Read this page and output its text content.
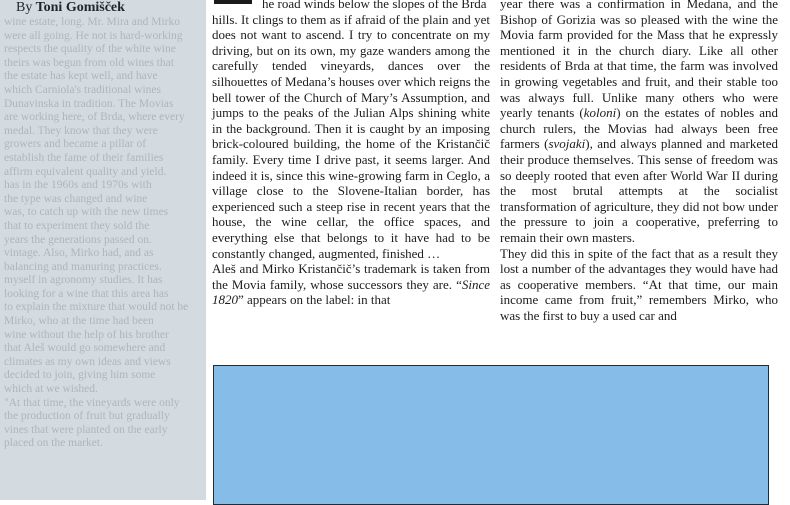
wine estate, long. Mr. Mira and Mirko
were all going. He not is hard-working
respects the quality of the white wine
theirs was begun from old wines that
the estate has kept well, and have
which Carniola's traditional wines
Dunavinska in tradition. The Movias
are working here, of Brda, where every
medal. They know that they were
growers and became a pillar of
establish the fame of their families
affirm equivalent quality and yield.
has in the 1960s and 1970s with
the type was changed and wine
was, to catch up with the new times
that to experiment they sold the
years the generations passed on.
vintage. Also, Mirko had, and as
balancing and manuring practices.
myself in agronomy studies. It has
looking for a wine that this area has
to explain the mixture that would not be
Mirko, who at the time had been
wine without the help of his brother
that Aleš would go somewhere and
climates as my own ideas and views
decided to join, giving him some
which at we wished.
"At that time, the vineyards were only
the production of fruit but gradually
vines that were planted on the early
placed on the market.

By Toni Gomišček	he road winds below the slopes of the Brda

hills. It clings to them as if afraid of the plain and yet does not want to ascend. I try to concentrate on my driving, but on its own, my gaze wanders among the carefully tended vineyards, dances over the silhouettes of Medana’s houses over which reigns the bell tower of the Church of Mary’s Assumption, and jumps to the peaks of the Julian Alps shining white in the background. Then it is caught by an imposing brick-coloured building, the home of the Kristančič family. Every time I drive past, it seems larger. And indeed it is, since this wine-growing farm in Ceglo, a village close to the Slovene-Italian border, has experienced such a steep rise in recent years that the house, the wine cellar, the office spaces, and everything else that belongs to it have had to be constantly changed, augmented, finished …

Aleš and Mirko Kristančič’s trademark is taken from the Movia family, whose successors they are. “Since 1820” appears on the label: in that

year there was a confirmation in Medana, and the Bishop of Gorizia was so pleased with the wine the Movia farm provided for the Mass that he expressly mentioned it in the church diary. Like all other residents of Brda at that time, the farm was involved in growing vegetables and fruit, and their stable too was always full. Unlike many others who were yearly tenants (koloni) on the estates of nobles and church rulers, the Movias had always been free farmers (svojaki), and always planned and marketed their produce themselves. This sense of freedom was so deeply rooted that even after World War II during the most brutal attempts at the socialist transformation of agriculture, they did not bow under the pressure to join a cooperative, preferring to remain their own masters.

They did this in spite of the fact that as a result they lost a number of the advantages they would have had as cooperative members. “At that time, our main income came from fruit,” remembers Mirko, who was the first to buy a used car and
